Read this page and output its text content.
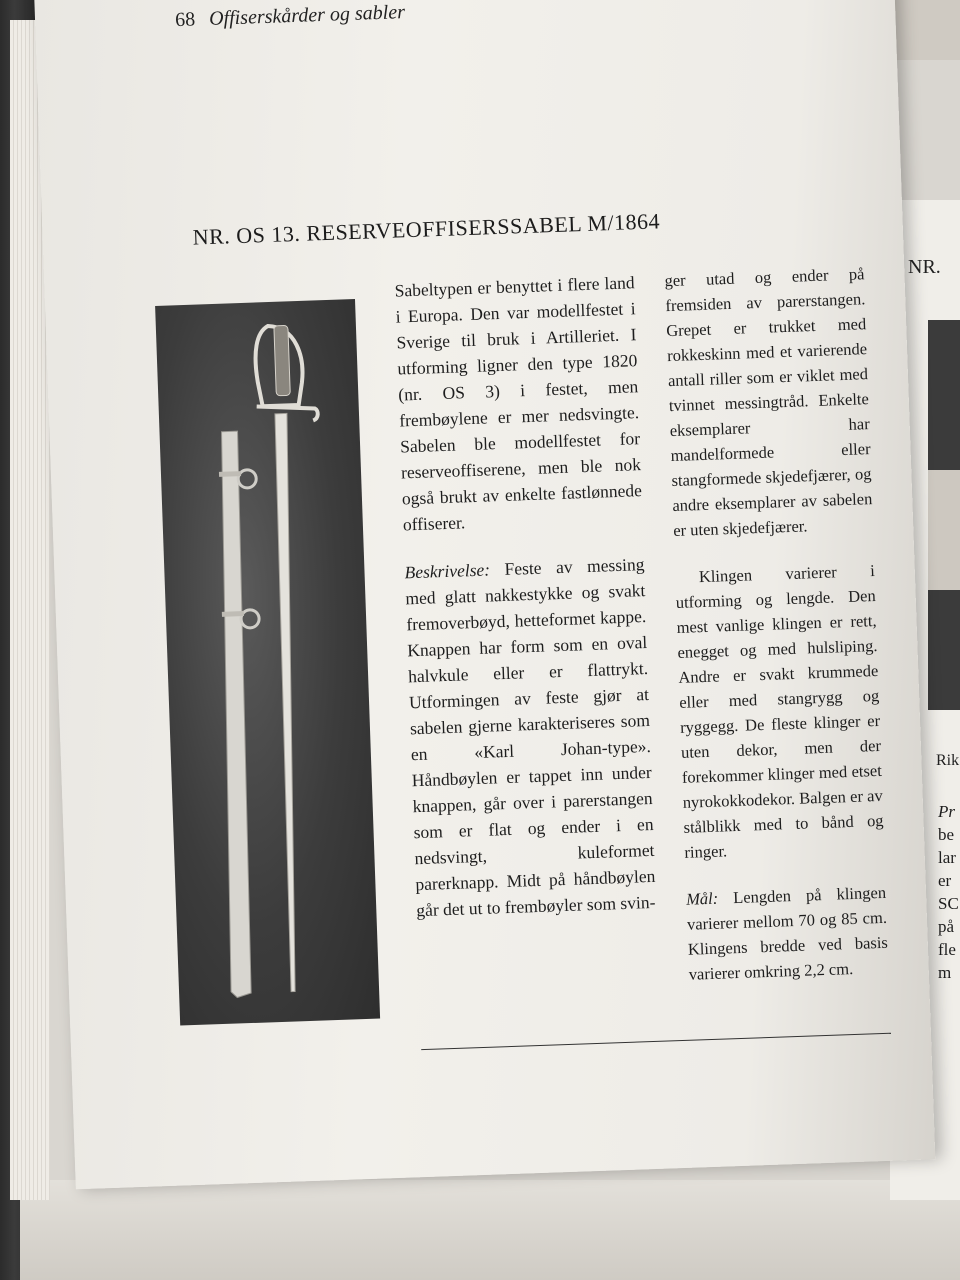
NR.
Rik
Pr
be
lar
er
SC
på
fle
m
68 Offiserskårder og sabler
NR. OS 13. RESERVEOFFISERSSABEL M/1864

Sabeltypen er benyttet i flere land i Europa. Den var modellfestet i Sverige til bruk i Artilleriet. I utforming ligner den type 1820 (nr. OS 3) i festet, men frembøylene er mer nedsvingte. Sabelen ble modellfestet for reserveoffiserene, men ble nok også brukt av enkelte fastlønnede offiserer.

Beskrivelse: Feste av messing med glatt nakkestykke og svakt fremoverbøyd, hetteformet kappe. Knappen har form som en oval halvkule eller er flattrykt. Utformingen av feste gjør at sabelen gjerne karakteriseres som en «Karl Johan-type». Håndbøylen er tappet inn under knappen, går over i parerstangen som er flat og ender i en nedsvingt, kuleformet parerknapp. Midt på håndbøylen går det ut to frembøyler som svin-

ger utad og ender på fremsiden av parerstangen. Grepet er trukket med rokkeskinn med et varierende antall riller som er viklet med tvinnet messingtråd. Enkelte eksemplarer har mandelformede eller stangformede skjedefjærer, og andre eksemplarer av sabelen er uten skjedefjærer.

Klingen varierer i utforming og lengde. Den mest vanlige klingen er rett, enegget og med hulsliping. Andre er svakt krummede eller med stangrygg og ryggegg. De fleste klinger er uten dekor, men der forekommer klinger med etset nyrokokkodekor. Balgen er av stålblikk med to bånd og ringer.

Mål: Lengden på klingen varierer mellom 70 og 85 cm. Klingens bredde ved basis varierer omkring 2,2 cm.
